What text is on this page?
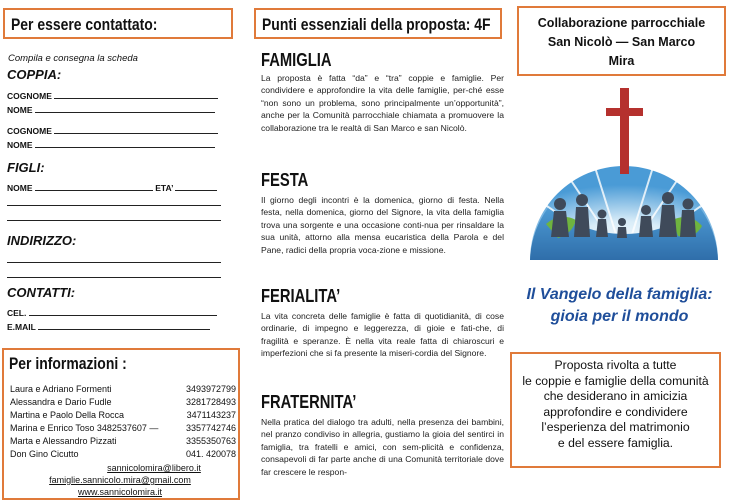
Per essere contattato:
Compila e consegna la scheda
COPPIA:
COGNOME
NOME
COGNOME
NOME
FIGLI:
NOME	ETA’
INDIRIZZO:
CONTATTI:
CEL.
E.MAIL
Per informazioni :
Laura e Adriano Formenti	3493972799
Alessandra e Dario Fudle	3281728493
Martina e Paolo Della Rocca	3471143237
Marina e Enrico Toso 3482537607 —	3357742746
Marta e Alessandro Pizzati	3355350763
Don Gino Cicutto	041. 420078
sannicolomira@libero.it
famiglie.sannicolo.mira@gmail.com
www.sannicolomira.it
Punti essenziali della proposta: 4F
FAMIGLIA
La proposta è fatta “da” e “tra” coppie e famiglie. Per condividere e approfondire la vita delle famiglie, per-ché esse “non sono un problema, sono principalmente un’opportunità”, anche per la Comunità parrocchiale chiamata a promuovere la collaborazione tra le realtà di San Marco e san Nicolò.
FESTA
Il giorno degli incontri è la domenica, giorno di festa. Nella festa, nella domenica, giorno del Signore, la vita della famiglia trova una sorgente e una occasione conti-nua per rinsaldare la sua unità, attorno alla mensa eucaristica della Parola e del Pane, radici della propria voca-zione e missione.
FERIALITA’
La vita concreta delle famiglie è fatta di quotidianità, di cose ordinarie, di impegno e leggerezza, di gioie e fati-che, di fragilità e speranze. È nella vita reale fatta di chiaroscuri e imperfezioni che si fa presente la miseri-cordia del Signore.
FRATERNITA’
Nella pratica del dialogo tra adulti, nella presenza dei bambini, nel pranzo condiviso in allegria, gustiamo la gioia del sentirci in famiglia, tra fratelli e amici, con sem-plicità e confidenza, consapevoli di far parte anche di una Comunità territoriale dove far crescere le respon-
Collaborazione parrocchiale
San Nicolò — San Marco
Mira
Il Vangelo della famiglia:
gioia per il mondo
Proposta rivolta a tutte
le coppie e famiglie della comunità
che desiderano in amicizia
approfondire e condividere
l’esperienza del matrimonio
e del essere famiglia.
